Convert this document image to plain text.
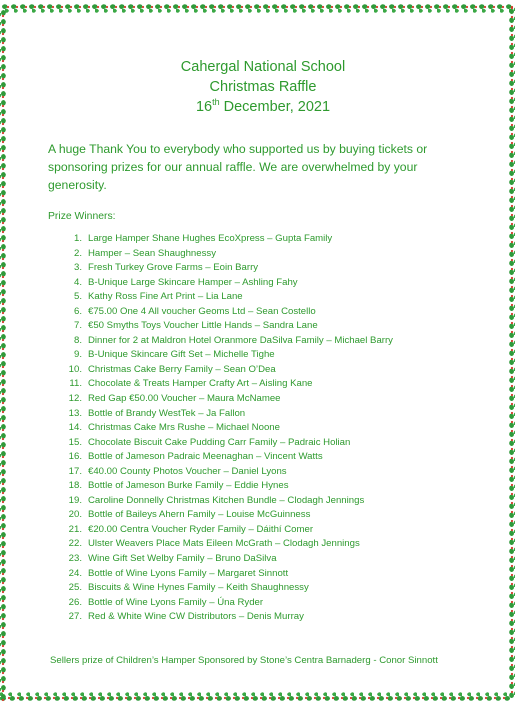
Cahergal National School
Christmas Raffle
16th December, 2021

A huge Thank You to everybody who supported us by buying tickets or sponsoring prizes for our annual raffle. We are overwhelmed by your generosity.

Prize Winners:
1. Large Hamper Shane Hughes EcoXpress – Gupta Family
2. Hamper – Sean Shaughnessy
3. Fresh Turkey Grove Farms – Eoin Barry
4. B-Unique Large Skincare Hamper – Ashling Fahy
5. Kathy Ross Fine Art Print – Lia Lane
6. €75.00 One 4 All voucher Geoms Ltd – Sean Costello
7. €50 Smyths Toys Voucher Little Hands – Sandra Lane
8. Dinner for 2 at Maldron Hotel Oranmore DaSilva Family – Michael Barry
9. B-Unique Skincare Gift Set – Michelle Tighe
10. Christmas Cake Berry Family – Sean O’Dea
11. Chocolate & Treats Hamper Crafty Art – Aisling Kane
12. Red Gap €50.00 Voucher – Maura McNamee
13. Bottle of Brandy WestTek – Ja Fallon
14. Christmas Cake Mrs Rushe – Michael Noone
15. Chocolate Biscuit Cake Pudding Carr Family – Padraic Holian
16. Bottle of Jameson Padraic Meenaghan – Vincent Watts
17. €40.00 County Photos Voucher – Daniel Lyons
18. Bottle of Jameson Burke Family – Eddie Hynes
19. Caroline Donnelly Christmas Kitchen Bundle – Clodagh Jennings
20. Bottle of Baileys Ahern Family – Louise McGuinness
21. €20.00 Centra Voucher Ryder Family – Dáithí Comer
22. Ulster Weavers Place Mats Eileen McGrath – Clodagh Jennings
23. Wine Gift Set Welby Family – Bruno DaSilva
24. Bottle of Wine Lyons Family – Margaret Sinnott
25. Biscuits & Wine Hynes Family – Keith Shaughnessy
26. Bottle of Wine Lyons Family – Úna Ryder
27. Red & White Wine CW Distributors – Denis Murray
Sellers prize of Children’s Hamper Sponsored by Stone’s Centra Barnaderg - Conor Sinnott
